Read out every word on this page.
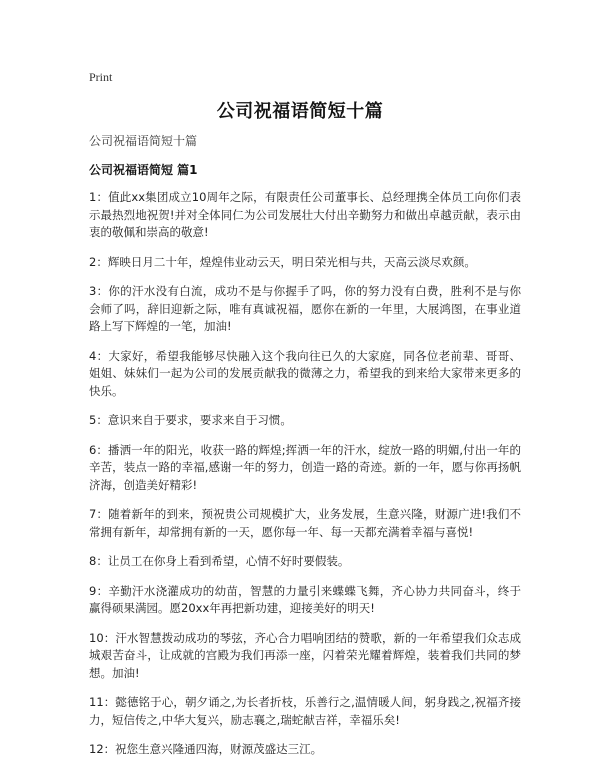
Print
公司祝福语简短十篇
公司祝福语简短十篇
公司祝福语简短 篇1

1：值此xx集团成立10周年之际，有限责任公司董事长、总经理携全体员工向你们表示最热烈地祝贺!并对全体同仁为公司发展壮大付出辛勤努力和做出卓越贡献，表示由衷的敬佩和崇高的敬意!

2：辉映日月二十年，煌煌伟业动云天，明日荣光相与共，天高云淡尽欢颜。

3：你的汗水没有白流，成功不是与你握手了吗，你的努力没有白费，胜利不是与你会师了吗，辞旧迎新之际，唯有真诚祝福，愿你在新的一年里，大展鸿图，在事业道路上写下辉煌的一笔，加油!

4：大家好，希望我能够尽快融入这个我向往已久的大家庭，同各位老前辈、哥哥、姐姐、妹妹们一起为公司的发展贡献我的微薄之力，希望我的到来给大家带来更多的快乐。

5：意识来自于要求，要求来自于习惯。

6：播洒一年的阳光，收获一路的辉煌;挥洒一年的汗水，绽放一路的明媚,付出一年的辛苦，装点一路的幸福,感谢一年的努力，创造一路的奇迹。新的一年，愿与你再扬帆济海，创造美好精彩!

7：随着新年的到来，预祝贵公司规模扩大，业务发展，生意兴隆，财源广进!我们不常拥有新年，却常拥有新的一天，愿你每一年、每一天都充满着幸福与喜悦!

8：让员工在你身上看到希望，心情不好时要假装。

9：辛勤汗水浇灌成功的幼苗，智慧的力量引来蝶蝶飞舞，齐心协力共同奋斗，终于赢得硕果满园。愿20xx年再把新功建，迎接美好的明天!

10：汗水智慧拨动成功的琴弦，齐心合力唱响团结的赞歌，新的一年希望我们众志成城艰苦奋斗，让成就的宫殿为我们再添一座，闪着荣光耀着辉煌，装着我们共同的梦想。加油!

11：懿德铭于心，朝夕诵之,为长者折枝，乐善行之,温情暖人间，躬身践之,祝福齐接力，短信传之,中华大复兴，励志襄之,瑞蛇献吉祥，幸福乐矣!

12：祝您生意兴隆通四海，财源茂盛达三江。
